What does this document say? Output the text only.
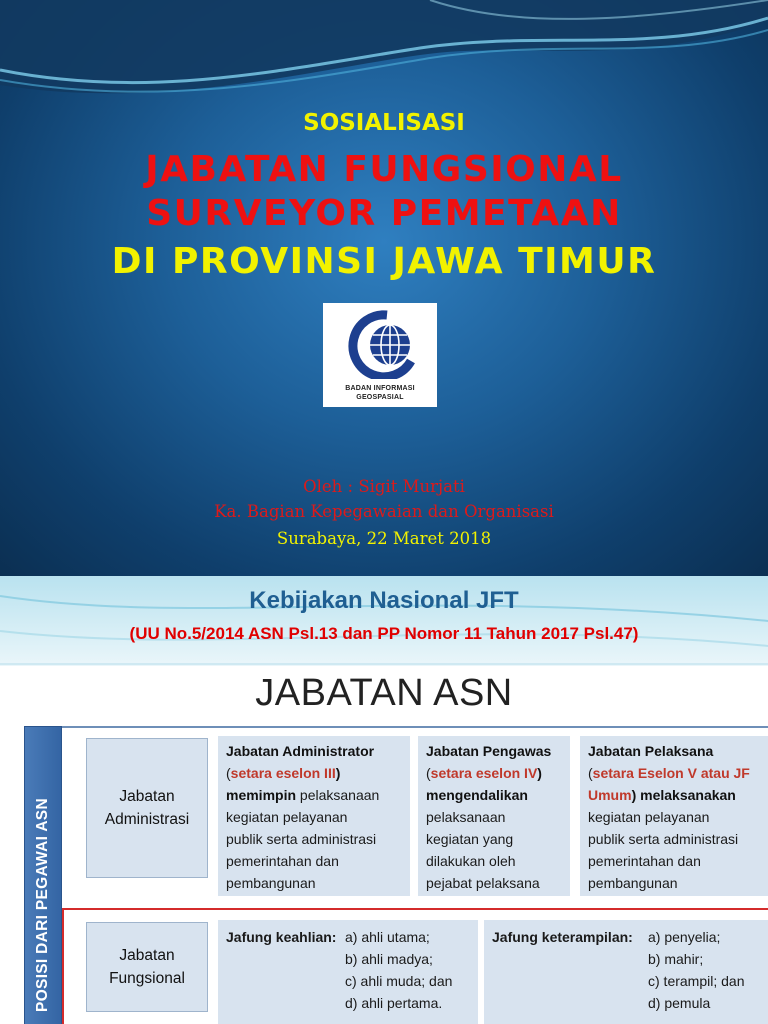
SOSIALISASI
JABATAN FUNGSIONAL
SURVEYOR PEMETAAN
DI PROVINSI JAWA TIMUR
BADAN INFORMASI
GEOSPASIAL
Oleh : Sigit Murjati
Ka. Bagian Kepegawaian dan Organisasi
Surabaya, 22 Maret 2018
Kebijakan Nasional JFT
(UU No.5/2014 ASN Psl.13 dan PP Nomor 11 Tahun 2017 Psl.47)
JABATAN ASN
POSISI DARI PEGAWAI ASN
Jabatan
Administrasi
Jabatan Administrator
(setara eselon III)
memimpin pelaksanaan
kegiatan pelayanan
publik serta administrasi
pemerintahan dan
pembangunan
Jabatan Pengawas
(setara eselon IV)
mengendalikan
pelaksanaan
kegiatan yang
dilakukan oleh
pejabat pelaksana
Jabatan Pelaksana
(setara Eselon V atau JF
Umum) melaksanakan
kegiatan pelayanan
publik serta administrasi
pemerintahan dan
pembangunan
Jabatan
Fungsional
Jafung keahlian: a) ahli utama;
b) ahli madya;
c) ahli muda; dan
d) ahli pertama.
Jafung keterampilan: a) penyelia;
b) mahir;
c) terampil; dan
d) pemula
